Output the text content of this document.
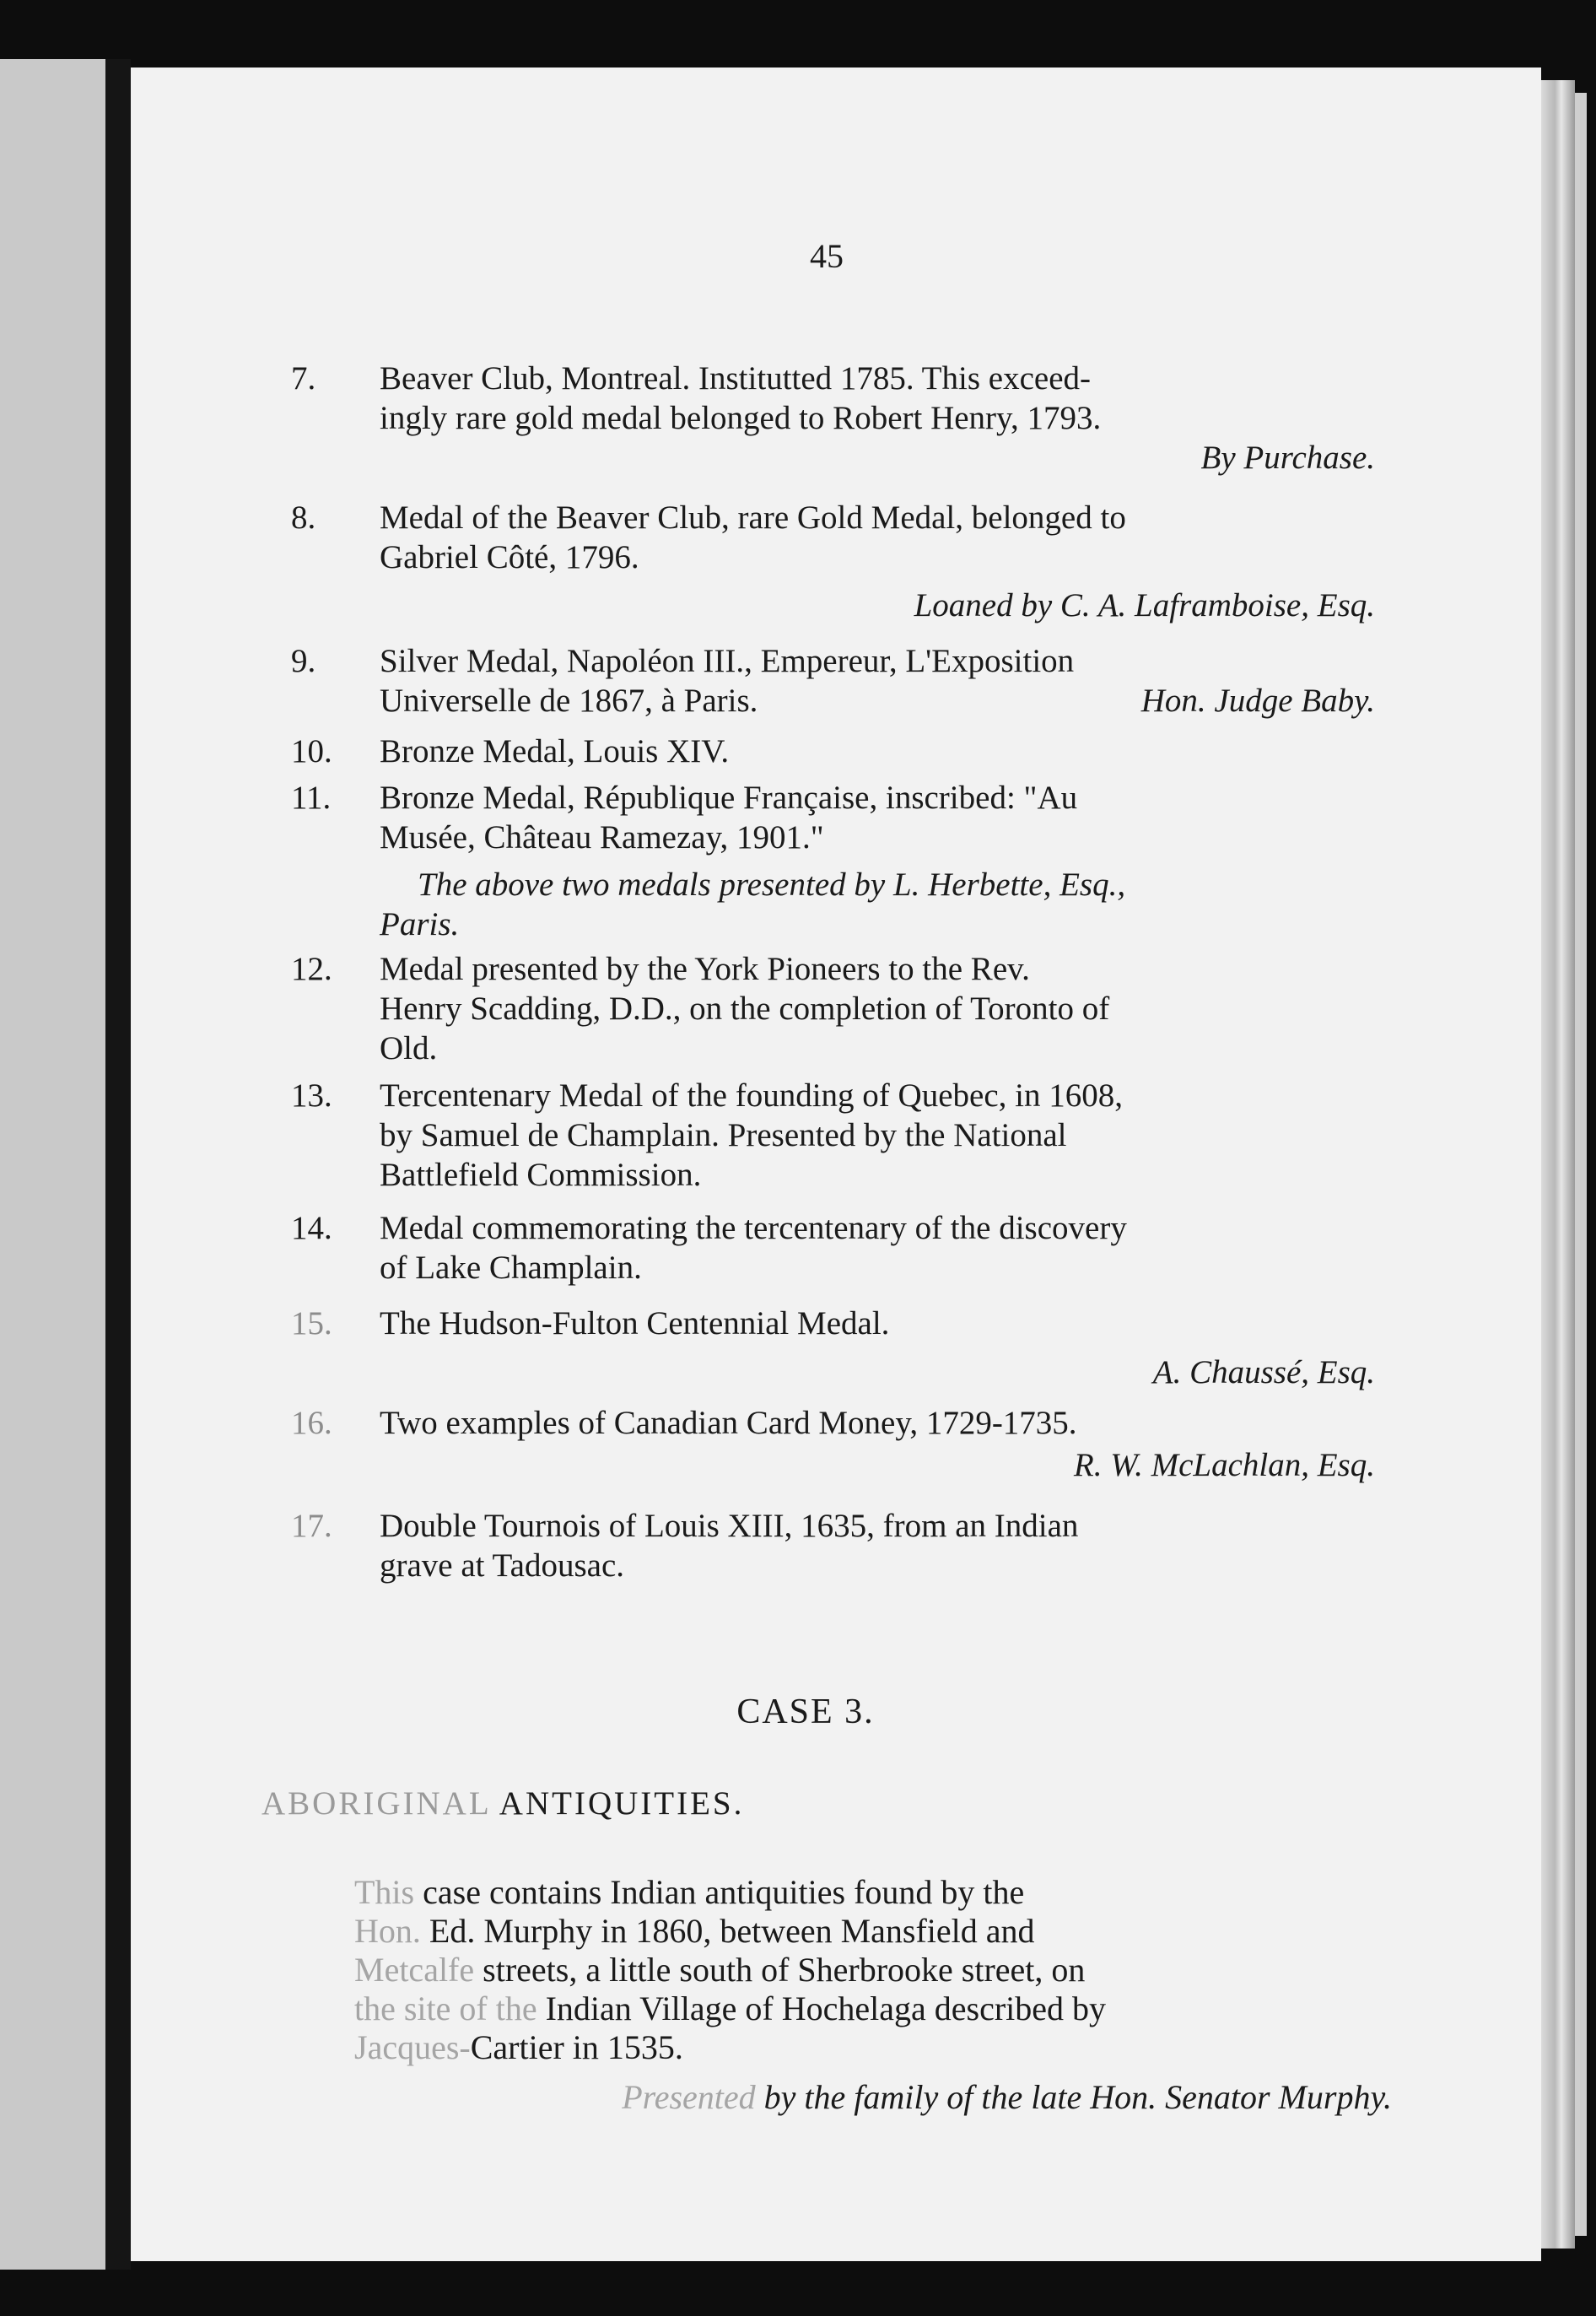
45
7.	Beaver Club, Montreal. Institutted 1785. This exceed-
ingly rare gold medal belonged to Robert Henry, 1793.
By Purchase.
8.	Medal of the Beaver Club, rare Gold Medal, belonged to
Gabriel Côté, 1796.
Loaned by C. A. Laframboise, Esq.
9.	Silver Medal, Napoléon III., Empereur, L'Exposition
Universelle de 1867, à Paris.	Hon. Judge Baby.
10.	Bronze Medal, Louis XIV.
11.	Bronze Medal, République Française, inscribed: "Au
Musée, Château Ramezay, 1901."
The above two medals presented by L. Herbette, Esq.,
Paris.
12.	Medal presented by the York Pioneers to the Rev.
Henry Scadding, D.D., on the completion of Toronto of
Old.
13.	Tercentenary Medal of the founding of Quebec, in 1608,
by Samuel de Champlain. Presented by the National
Battlefield Commission.
14.	Medal commemorating the tercentenary of the discovery
of Lake Champlain.
15.	The Hudson-Fulton Centennial Medal.
A. Chaussé, Esq.
16.	Two examples of Canadian Card Money, 1729-1735.
R. W. McLachlan, Esq.
17.	Double Tournois of Louis XIII, 1635, from an Indian
grave at Tadousac.
CASE 3.
ABORIGINAL ANTIQUITIES.
This case contains Indian antiquities found by the
Hon. Ed. Murphy in 1860, between Mansfield and
Metcalfe streets, a little south of Sherbrooke street, on
the site of the Indian Village of Hochelaga described by
Jacques-Cartier in 1535.
Presented by the family of the late Hon. Senator Murphy.
